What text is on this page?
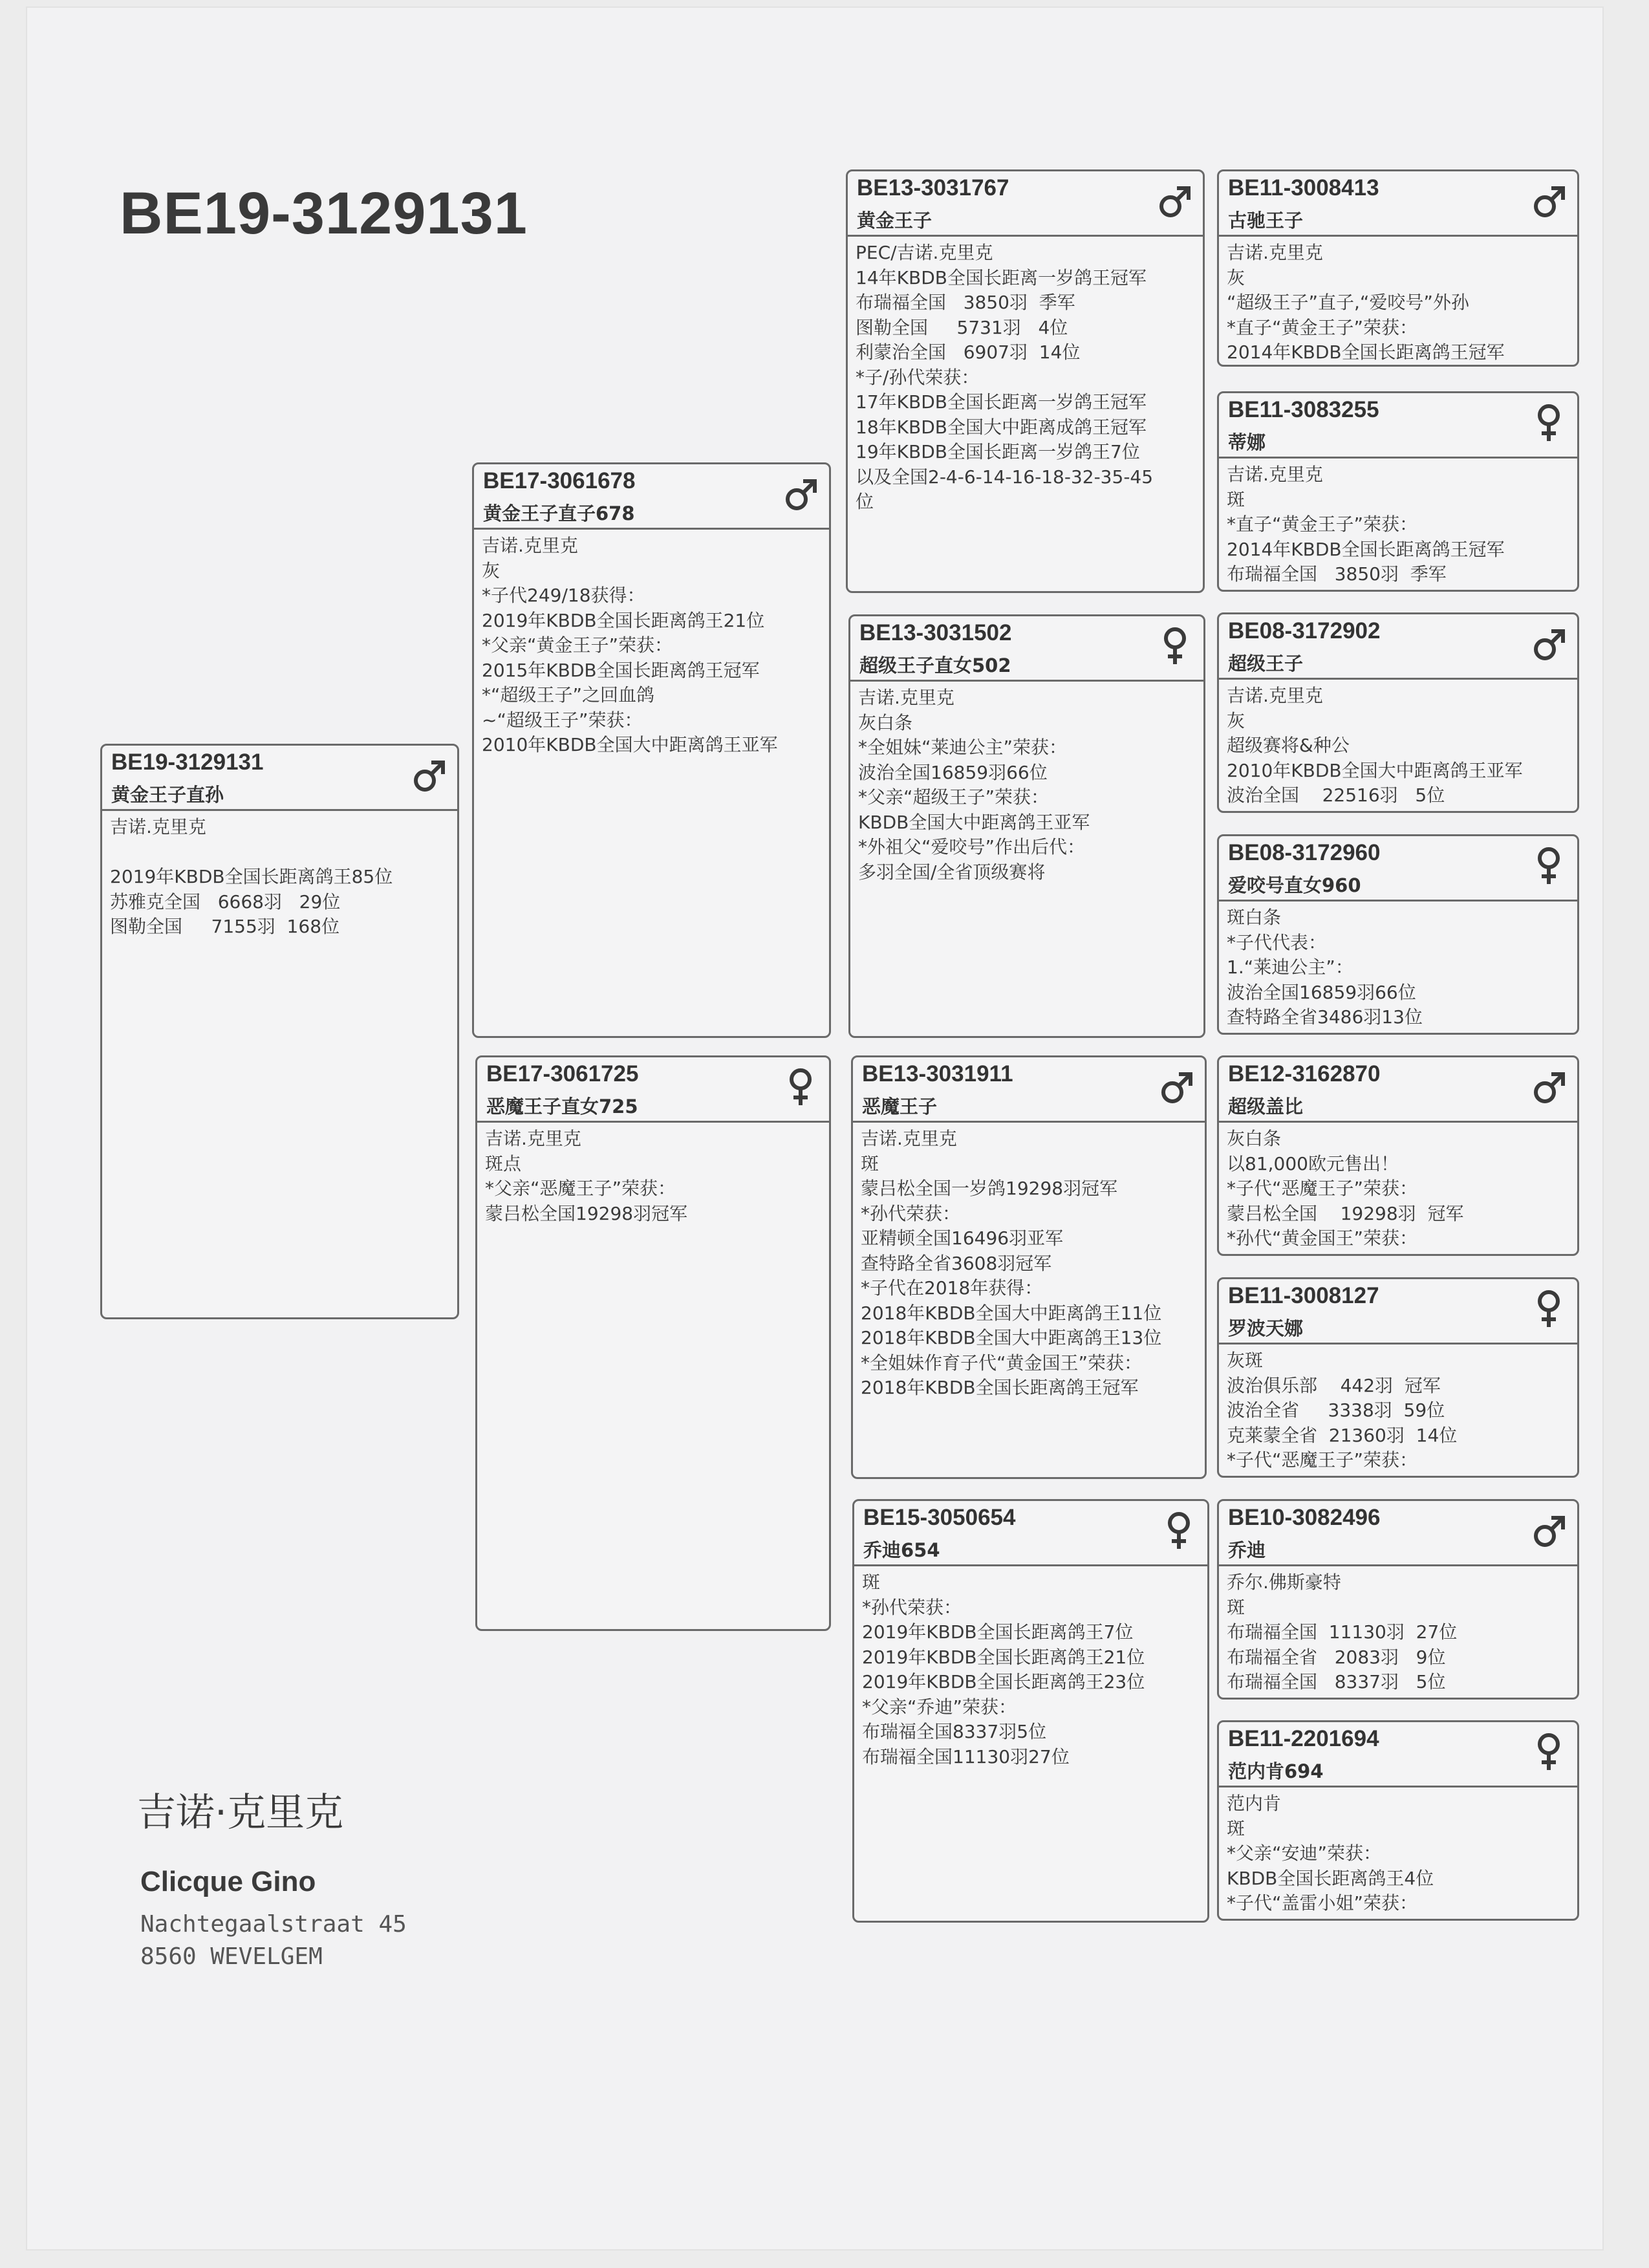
BE19-3129131
BE19-3129131
黄金王子直孙
吉诺.克里克
2019年KBDB全国长距离鸽王85位
苏雅克全国   6668羽   29位
图勒全国     7155羽  168位
BE17-3061678
黄金王子直子678
吉诺.克里克
灰
*子代249/18获得：
2019年KBDB全国长距离鸽王21位
*父亲“黄金王子”荣获：
2015年KBDB全国长距离鸽王冠军
*“超级王子”之回血鸽
~“超级王子”荣获：
2010年KBDB全国大中距离鸽王亚军
BE17-3061725
恶魔王子直女725
吉诺.克里克
斑点
*父亲“恶魔王子”荣获：
蒙吕松全国19298羽冠军
BE13-3031767
黄金王子
PEC/吉诺.克里克
14年KBDB全国长距离一岁鸽王冠军
布瑞福全国   3850羽  季军
图勒全国     5731羽   4位
利蒙治全国   6907羽  14位
*子/孙代荣获：
17年KBDB全国长距离一岁鸽王冠军
18年KBDB全国大中距离成鸽王冠军
19年KBDB全国长距离一岁鸽王7位
以及全国2-4-6-14-16-18-32-35-45
位
BE13-3031502
超级王子直女502
吉诺.克里克
灰白条
*全姐妹“莱迪公主”荣获：
波治全国16859羽66位
*父亲“超级王子”荣获：
KBDB全国大中距离鸽王亚军
*外祖父“爱咬号”作出后代：
多羽全国/全省顶级赛将
BE13-3031911
恶魔王子
吉诺.克里克
斑
蒙吕松全国一岁鸽19298羽冠军
*孙代荣获：
亚精顿全国16496羽亚军
查特路全省3608羽冠军
*子代在2018年获得：
2018年KBDB全国大中距离鸽王11位
2018年KBDB全国大中距离鸽王13位
*全姐妹作育子代“黄金国王”荣获：
2018年KBDB全国长距离鸽王冠军
BE15-3050654
乔迪654
斑
*孙代荣获：
2019年KBDB全国长距离鸽王7位
2019年KBDB全国长距离鸽王21位
2019年KBDB全国长距离鸽王23位
*父亲“乔迪”荣获：
布瑞福全国8337羽5位
布瑞福全国11130羽27位
BE11-3008413
古驰王子
吉诺.克里克
灰
“超级王子”直子,“爱咬号”外孙
*直子“黄金王子”荣获：
2014年KBDB全国长距离鸽王冠军
BE11-3083255
蒂娜
吉诺.克里克
斑
*直子“黄金王子”荣获：
2014年KBDB全国长距离鸽王冠军
布瑞福全国   3850羽  季军
BE08-3172902
超级王子
吉诺.克里克
灰
超级赛将&种公
2010年KBDB全国大中距离鸽王亚军
波治全国    22516羽   5位
BE08-3172960
爱咬号直女960
斑白条
*子代代表：
1.“莱迪公主”：
波治全国16859羽66位
查特路全省3486羽13位
BE12-3162870
超级盖比
灰白条
以81,000欧元售出！
*子代“恶魔王子”荣获：
蒙吕松全国    19298羽  冠军
*孙代“黄金国王”荣获：
BE11-3008127
罗波天娜
灰斑
波治俱乐部    442羽  冠军
波治全省     3338羽  59位
克莱蒙全省  21360羽  14位
*子代“恶魔王子”荣获：
BE10-3082496
乔迪
乔尔.佛斯豪特
斑
布瑞福全国  11130羽  27位
布瑞福全省   2083羽   9位
布瑞福全国   8337羽   5位
BE11-2201694
范内肯694
范内肯
斑
*父亲“安迪”荣获：
KBDB全国长距离鸽王4位
*子代“盖雷小姐”荣获：
吉诺·克里克
Clicque Gino
Nachtegaalstraat 45
8560 WEVELGEM
